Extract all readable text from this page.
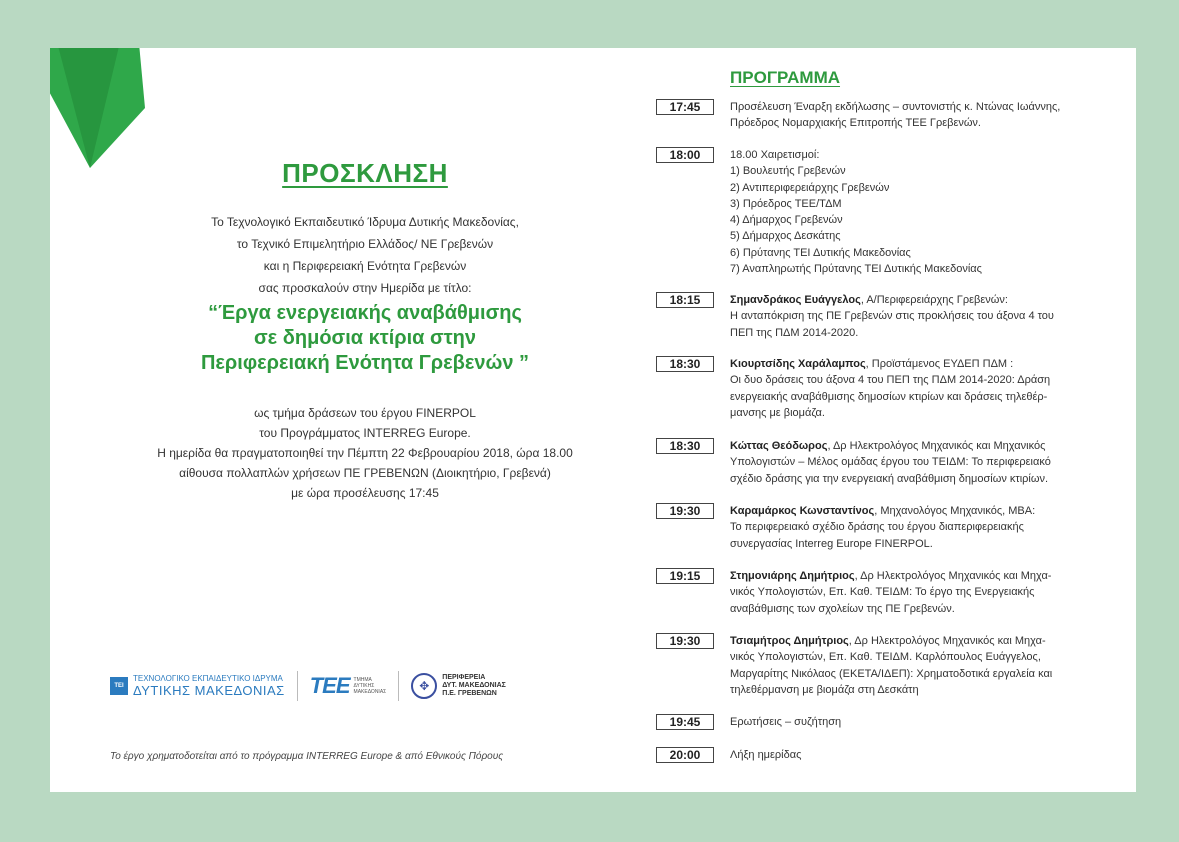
ΠΡΟΣΚΛΗΣΗ
Το Τεχνολογικό Εκπαιδευτικό Ίδρυμα Δυτικής Μακεδονίας,
το Τεχνικό Επιμελητήριο Ελλάδος/ ΝΕ Γρεβενών
και η Περιφερειακή Ενότητα Γρεβενών
σας προσκαλούν στην Ημερίδα με τίτλο:
“Έργα ενεργειακής αναβάθμισης
σε δημόσια κτίρια στην
Περιφερειακή Ενότητα Γρεβενών ”
ως τμήμα δράσεων του έργου FINERPOL
του Προγράμματος INTERREG Europe.
Η ημερίδα θα πραγματοποιηθεί την Πέμπτη 22 Φεβρουαρίου 2018, ώρα 18.00
αίθουσα πολλαπλών χρήσεων ΠΕ ΓΡΕΒΕΝΩΝ (Διοικητήριο, Γρεβενά)
με ώρα προσέλευσης 17:45
ΤΕΙ
ΤΕΧΝΟΛΟΓΙΚΟ ΕΚΠΑΙΔΕΥΤΙΚΟ ΙΔΡΥΜΑ
ΔΥΤΙΚΗΣ ΜΑΚΕΔΟΝΙΑΣ ΤΕΕ ΤΜΗΜΑ
ΔΥΤΙΚΗΣ
ΜΑΚΕΔΟΝΙΑΣ	✥
ΠΕΡΙΦΕΡΕΙΑ
ΔΥΤ. ΜΑΚΕΔΟΝΙΑΣ
Π.Ε. ΓΡΕΒΕΝΩΝ
Το έργο χρηματοδοτείται από το πρόγραμμα INTERREG Europe & από Εθνικούς Πόρους
ΠΡΟΓΡΑΜΜΑ
17:45	Προσέλευση Έναρξη εκδήλωσης – συντονιστής κ. Ντώνας Ιωάννης,
Πρόεδρος Νομαρχιακής Επιτροπής ΤΕΕ Γρεβενών.
18:00	18.00 Χαιρετισμοί:
1) Βουλευτής Γρεβενών
2) Αντιπεριφερειάρχης Γρεβενών
3) Πρόεδρος ΤΕΕ/ΤΔΜ
4) Δήμαρχος Γρεβενών
5) Δήμαρχος Δεσκάτης
6) Πρύτανης ΤΕΙ Δυτικής Μακεδονίας
7) Αναπληρωτής Πρύτανης ΤΕΙ Δυτικής Μακεδονίας
18:15	Σημανδράκος Ευάγγελος, Α/Περιφερειάρχης Γρεβενών:
Η ανταπόκριση της ΠΕ Γρεβενών στις προκλήσεις του άξονα 4 του
ΠΕΠ της ΠΔΜ 2014-2020.
18:30	Κιουρτσίδης Χαράλαμπος, Προϊστάμενος ΕΥΔΕΠ ΠΔΜ :
Οι δυο δράσεις του άξονα 4 του ΠΕΠ της ΠΔΜ 2014-2020: Δράση
ενεργειακής αναβάθμισης δημοσίων κτιρίων και δράσεις τηλεθέρ-
μανσης με βιομάζα.
18:30	Κώττας Θεόδωρος, Δρ Ηλεκτρολόγος Μηχανικός και Μηχανικός
Υπολογιστών – Μέλος ομάδας έργου του ΤΕΙΔΜ: Το περιφερειακό
σχέδιο δράσης για την ενεργειακή αναβάθμιση δημοσίων κτιρίων.
19:30	Καραμάρκος Κωνσταντίνος, Μηχανολόγος Μηχανικός, MBA:
Το περιφερειακό σχέδιο δράσης του έργου διαπεριφερειακής
συνεργασίας Interreg Europe FINERPOL.
19:15	Στημονιάρης Δημήτριος, Δρ Ηλεκτρολόγος Μηχανικός και Μηχα-
νικός Υπολογιστών, Επ. Καθ. ΤΕΙΔΜ: Το έργο της Ενεργειακής
αναβάθμισης των σχολείων της ΠΕ Γρεβενών.
19:30	Τσιαμήτρος Δημήτριος, Δρ Ηλεκτρολόγος Μηχανικός και Μηχα-
νικός Υπολογιστών, Επ. Καθ. ΤΕΙΔΜ. Καρλόπουλος Ευάγγελος,
Μαργαρίτης Νικόλαος (ΕΚΕΤΑ/ΙΔΕΠ): Χρηματοδοτικά εργαλεία και
τηλεθέρμανση με βιομάζα στη Δεσκάτη
19:45	Ερωτήσεις – συζήτηση
20:00	Λήξη ημερίδας
